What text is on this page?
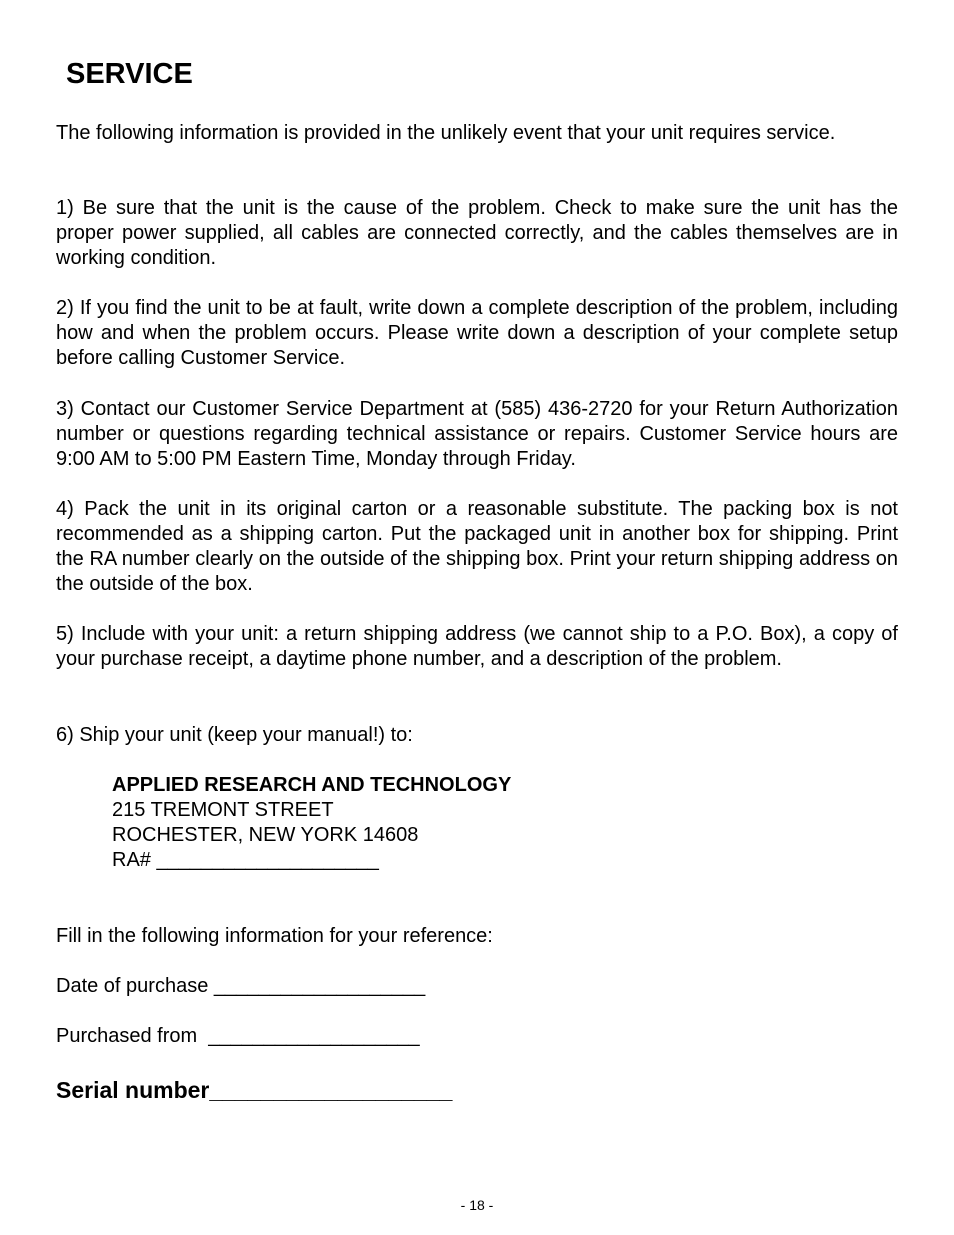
SERVICE

The following information is provided in the unlikely event that your unit requires service.

1) Be sure that the unit is the cause of the problem. Check to make sure the unit has the proper power supplied, all cables are connected correctly, and the cables themselves are in working condition.

2) If you find the unit to be at fault, write down a complete description of the problem, including how and when the problem occurs. Please write down a description of your complete setup before calling Customer Service.

3) Contact our Customer Service Department at (585) 436-2720 for your Return Authorization number or questions regarding technical assistance or repairs. Customer Service hours are 9:00 AM to 5:00 PM Eastern Time, Monday through Friday.

4) Pack the unit in its original carton or a reasonable substitute. The packing box is not recommended as a shipping carton. Put the packaged unit in another box for shipping. Print the RA number clearly on the outside of the shipping box. Print your return shipping address on the outside of the box.

5) Include with your unit: a return shipping address (we cannot ship to a P.O. Box), a copy of your purchase receipt, a daytime phone number, and a description of the problem.

6) Ship your unit (keep your manual!) to:

APPLIED RESEARCH AND TECHNOLOGY
215 TREMONT STREET
ROCHESTER, NEW YORK 14608
RA# ____________________
Fill in the following information for your reference:
Date of purchase ___________________
Purchased from  ___________________
Serial number___________________
- 18 -
